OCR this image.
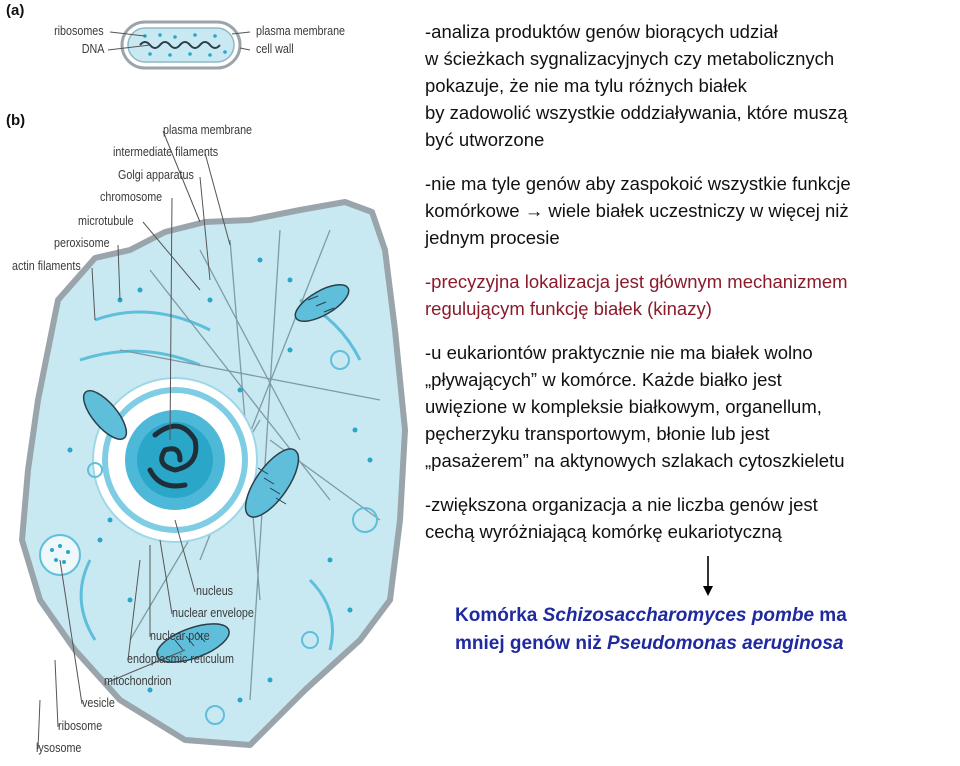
(a)
(b)
ribosomes
DNA
plasma membrane
cell wall
plasma membrane
intermediate filaments
Golgi apparatus
chromosome
microtubule
peroxisome
actin filaments
nucleus
nuclear envelope
nuclear pore
endoplasmic reticulum
mitochondrion
vesicle
ribosome
lysosome

-analiza produktów genów biorących udział
w ścieżkach sygnalizacyjnych czy metabolicznych
pokazuje, że nie ma tylu różnych białek
by zadowolić wszystkie oddziaływania, które muszą
być utworzone

-nie ma tyle genów aby zaspokoić wszystkie funkcje
komórkowe → wiele białek uczestniczy w więcej niż
jednym procesie

-precyzyjna lokalizacja jest głównym mechanizmem
regulującym funkcję białek (kinazy)

-u eukariontów praktycznie nie ma białek wolno
„pływających” w komórce. Każde białko jest
uwięzione w kompleksie białkowym, organellum,
pęcherzyku transportowym, błonie lub jest
„pasażerem” na aktynowych szlakach cytoszkieletu

-zwiększona organizacja a nie liczba genów jest
cechą wyróżniającą komórkę eukariotyczną

Komórka Schizosaccharomyces pombe ma
mniej genów niż Pseudomonas aeruginosa
